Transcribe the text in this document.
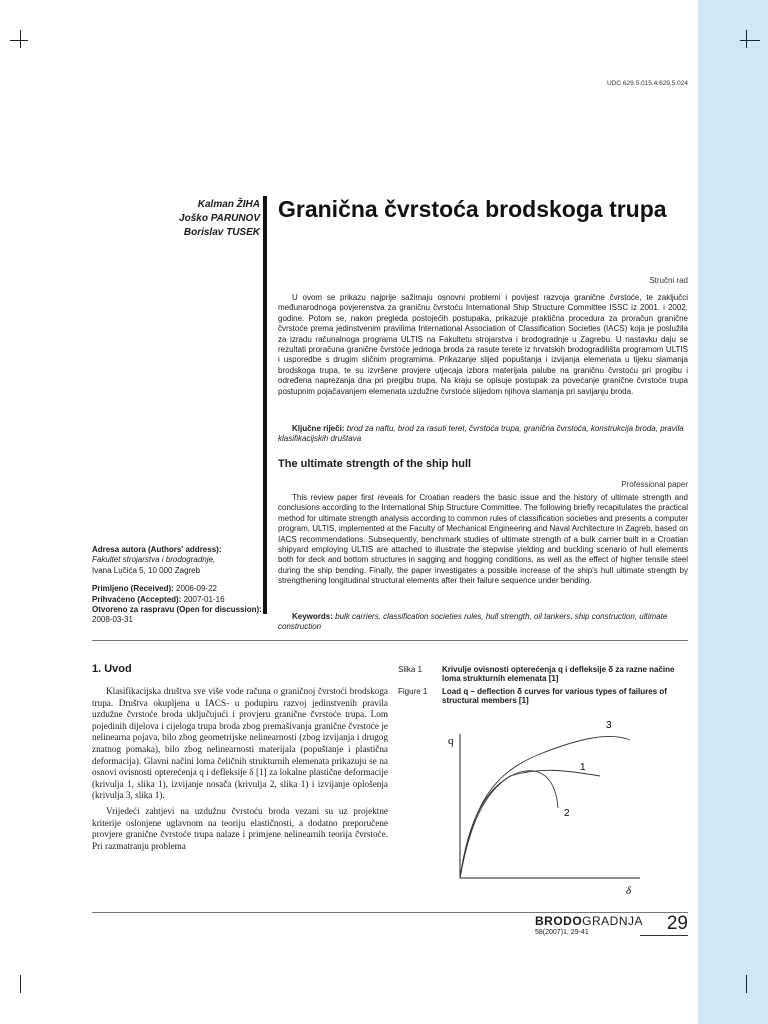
UDC 629.5.015.4:629.5.024
Kalman ŽIHA
Joško PARUNOV
Borislav TUSEK
Granična čvrstoća brodskoga trupa
Stručni rad
U ovom se prikazu najprije sažimaju osnovni problemi i povijest razvoja granične čvrstoće, te zaključci međunarodnoga povjerenstva za graničnu čvrstoću International Ship Structure Committee ISSC iz 2001. i 2002. godine. Potom se, nakon pregleda postojećih postupaka, prikazuje praktična procedura za proračun granične čvrstoće prema jedinstvenim pravilima International Association of Classification Societies (IACS) koja je poslužila za izradu računalnoga programa ULTIS na Fakultetu strojarstva i brodogradnje u Zagrebu. U nastavku daju se rezultati proračuna granične čvrstoće jednoga broda za rasute terete iz hrvatskih brodogradilišta programom ULTIS i usporedbe s drugim sličnim programima. Prikazanje slijed popuštanja i izvijanja elemenata u tijeku slamanja brodskoga trupa, te su izvršene provjere utjecaja izbora materijala palube na graničnu čvrstoću pri progibu i određena naprezanja dna pri pregibu trupa. Na kraju se opisuje postupak za povećanje granične čvrstoće trupa postupnim pojačavanjem elemenata uzdužne čvrstoće slijedom njihova slamanja pri savijanju broda.
Ključne riječi: brod za naftu, brod za rasuti teret, čvrstoća trupa, granična čvrstoća, konstrukcija broda, pravila klasifikacijskih društava
The ultimate strength of the ship hull
Professional paper
This review paper first reveals for Croatian readers the basic issue and the history of ultimate strength and conclusions according to the International Ship Structure Committee. The following briefly recapitulates the practical method for ultimate strength analysis according to common rules of classification societies and presents a computer program, ULTIS, implemented at the Faculty of Mechanical Engineering and Naval Architecture in Zagreb, based on IACS recommendations. Subsequently, benchmark studies of ultimate strength of a bulk carrier built in a Croatian shipyard employing ULTIS are attached to illustrate the stepwise yielding and buckling scenario of hull elements both for deck and bottom structures in sagging and hogging conditions, as well as the effect of higher tensile steel during the ship bending. Finally, the paper investigates a possible increase of the ship's hull ultimate strength by strengthening longitudinal structural elements after their failure sequence under bending.
Keywords: bulk carriers, classification societies rules, hull strength, oil tankers, ship construction, ultimate construction
Adresa autora (Authors' address):
Fakultet strojarstva i brodogradnje,
Ivana Lučića 5, 10 000 Zagreb
Primljeno (Received): 2006-09-22
Prihvaćeno (Accepted): 2007-01-16
Otvoreno za raspravu (Open for discussion): 2008-03-31
1. Uvod

Klasifikacijska društva sve više vode računa o graničnoj čvrstoći brodskoga trupa. Društva okupljena u IACS- u podupiru razvoj jedinstvenih pravila uzdužne čvrstoće broda uključujući i provjeru granične čvrstoće trupa. Lom pojedinih dijelova i cijeloga trupa broda zbog premašivanja granične čvrstoće je nelinearna pojava, bilo zbog geometrijske nelinearnosti (zbog izvijanja i drugog znatnog pomaka), bilo zbog nelinearnosti materijala (popuštanje i plastična deformacija). Glavni načini loma čeličnih strukturnih elemenata prikazuju se na osnovi ovisnosti opterećenja q i defleksije δ [1] za lokalne plastične deformacije (krivulja 1, slika 1), izvijanje nosača (krivulja 2, slika 1) i izvijanje oplošenja (krivulja 3, slika 1).

Vrijedeći zahtjevi na uzdužnu čvrstoću broda vezani su uz projektne kriterije oslonjene uglavnom na teoriju elastičnosti, a dodatno preporučene provjere granične čvrstoće trupa nalaze i primjene nelinearnih teorija čvrstoće. Pri razmatranju problema

Slika 1	Krivulje ovisnosti opterećenja q i defleksije δ za razne načine loma strukturnih elemenata [1]
Figure 1	Load q – deflection δ curves for various types of failures of structural members [1]
q
δ
1
2
3
BRODOGRADNJA
58(2007)1, 29-41	29
